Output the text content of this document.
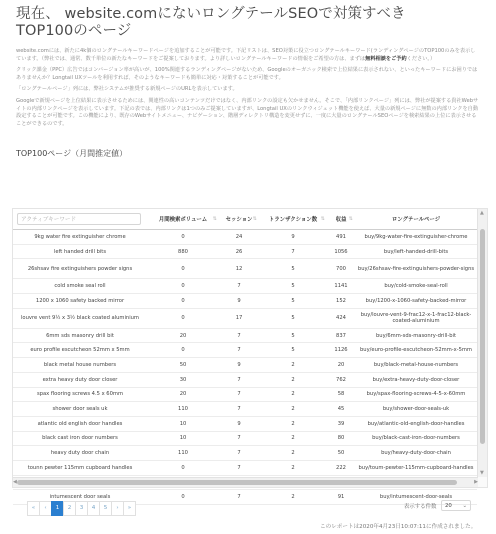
現在、 website.comにないロングテールSEOで対策すべき
TOP100のページ

website.comには、新たに4k個のロングテールキーワードページを追加することが可能です。下記リストは、SEO対策に役立つロングテールキーワード(ランディングページのTOP100のみを表示しています。（弊社では、通常、数千単位の新たなキーワードをご提案しております。より詳しいロングテールキーワードの情報をご希望の方は、まずは無料相談をご予約ください。）

クリック課金（PPC）広告ではコンバージョン率が高いが、100%関連するランディングページがないため、Googleのオーガニック検索で上位結果に表示されない、といったキーワードにお困りではありませんか？Longtail UXツールを利用すれば、そのようなキーワードも簡単に対応・対策することが可能です。

「ロングテールページ」列には、弊社システムが推奨する新規ページのURLを表示しています。

Googleで新規ページを上位結果に表示させるためには、関連性の高いコンテンツだけではなく、内部リンクの設定も欠かせません。そこで、「内部リンクページ」列には、弊社が提案する貴社Webサイトの内部リンクページを表示しています。下記の表では、内部リンクは1つのみご提案していますが、Longtail UXのリンクウィジェット機能を使えば、大量の新規ページに無数の内部リンクを自動設定することが可能です。この機能により、既存のWebサイトメニュー、ナビゲーション、階層ディレクトリ構造を変更せずに、一度に大量のロングテールSEOページを検索結果の上位に表示させることができるのです。

TOP100ページ（月間推定値）
アクティブキーワード	月間検索ボリューム ⇅	セッション ⇅	トランザクション数 ⇅	収益 ⇅	ロングテールページ
9kg water fire extinguisher chrome	0	24	9	491	buy/9kg-water-fire-extinguisher-chrome
left handed drill bits	880	26	7	1056	buy/left-handed-drill-bits
26shsav fire extinguishers powder signs	0	12	5	700	buy/26shsav-fire-extinguishers-powder-signs
cold smoke seal roll	0	7	5	1141	buy/cold-smoke-seal-roll
1200 x 1060 safety backed mirror	0	9	5	152	buy/1200-x-1060-safety-backed-mirror
louvre vent 9½ x 3½ black coated aluminium	0	17	5	424	buy/louvre-vent-9-frac12-x-1-frac12-black-coated-aluminium
6mm sds masonry drill bit	20	7	5	837	buy/6mm-sds-masonry-drill-bit
euro profile escutcheon 52mm x 5mm	0	7	5	1126	buy/euro-profile-escutcheon-52mm-x-5mm
black metal house numbers	50	9	2	20	buy/black-metal-house-numbers
extra heavy duty door closer	30	7	2	762	buy/extra-heavy-duty-door-closer
spax flooring screws 4.5 x 60mm	20	7	2	58	buy/spax-flooring-screws-4-5-x-60mm
shower door seals uk	110	7	2	45	buy/shower-door-seals-uk
atlantic old english door handles	10	9	2	39	buy/atlantic-old-english-door-handles
black cast iron door numbers	10	7	2	80	buy/black-cast-iron-door-numbers
heavy duty door chain	110	7	2	50	buy/heavy-duty-door-chain
tounn pewter 115mm cupboard handles	0	7	2	222	buy/toum-pewter-115mm-cupboard-handles

intumescent door seals	0	7	2	91	buy/intumescent-door-seals
▲
▼
◀	▶
«	‹	1	2	3	4	5	›	»	表示する件数	20 ⌄
このレポートは2020年4月23日10:07:11に作成されました。
